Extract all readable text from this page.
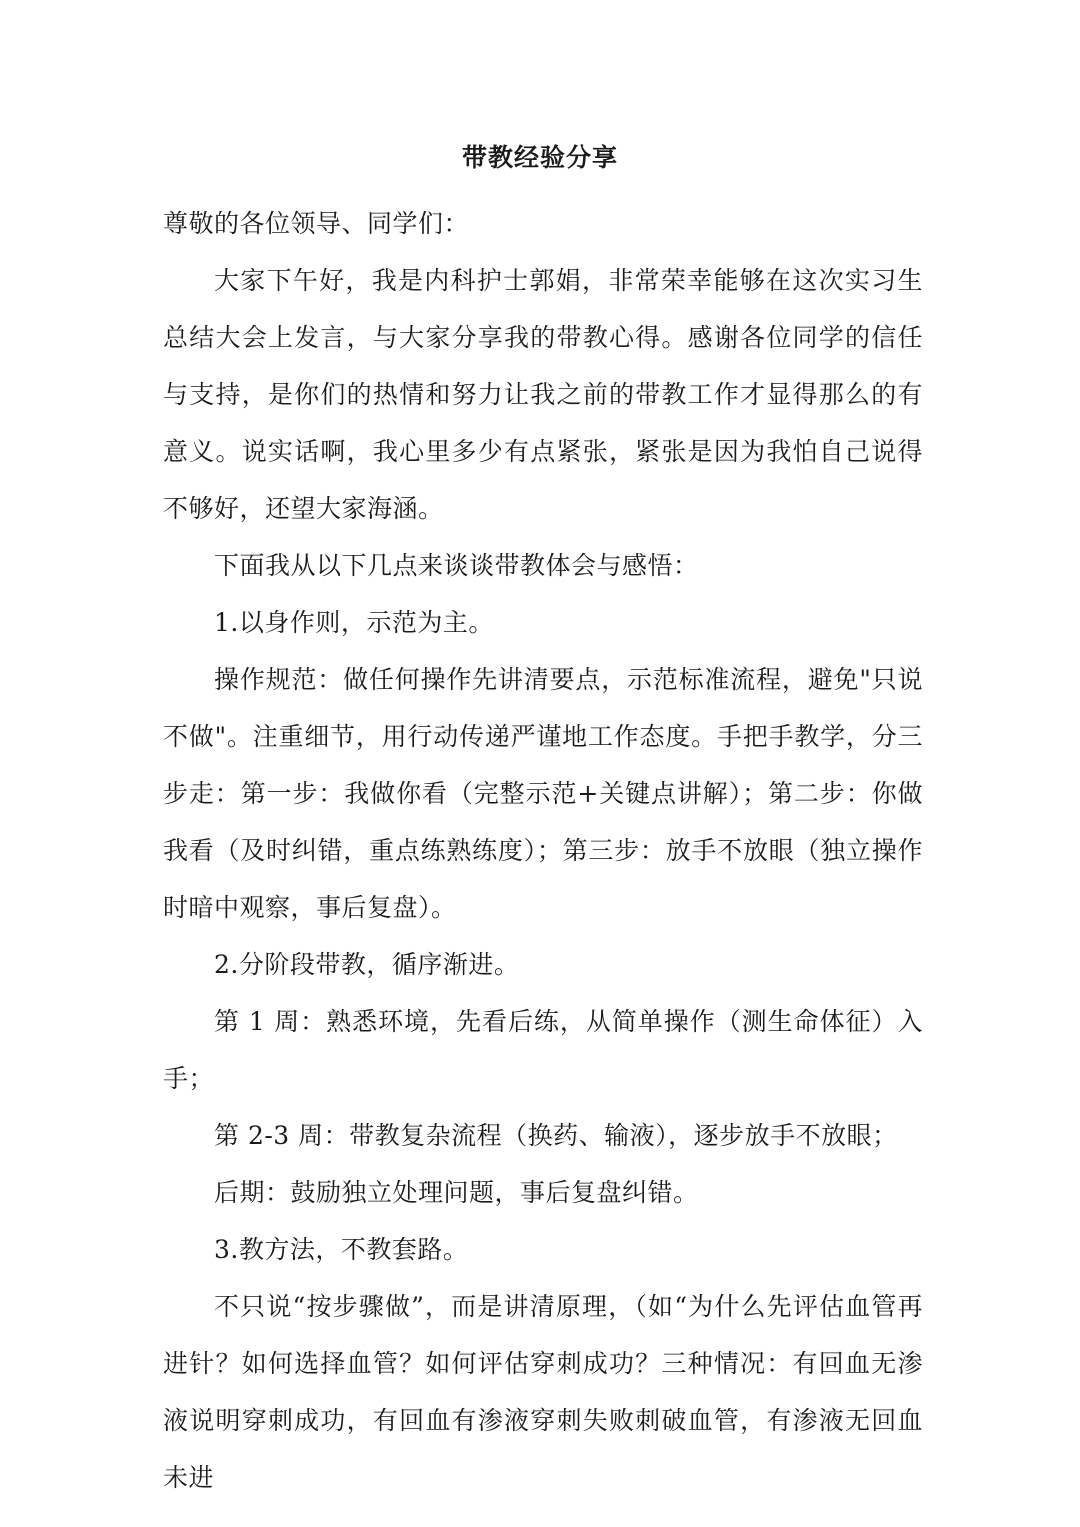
带教经验分享

尊敬的各位领导、同学们：

大家下午好，我是内科护士郭娟，非常荣幸能够在这次实习生总结大会上发言，与大家分享我的带教心得。感谢各位同学的信任与支持，是你们的热情和努力让我之前的带教工作才显得那么的有意义。说实话啊，我心里多少有点紧张，紧张是因为我怕自己说得不够好，还望大家海涵。

下面我从以下几点来谈谈带教体会与感悟：

1.以身作则，示范为主。

操作规范：做任何操作先讲清要点，示范标准流程，避免"只说不做"。注重细节，用行动传递严谨地工作态度。手把手教学，分三步走：第一步：我做你看（完整示范+关键点讲解）；第二步：你做我看（及时纠错，重点练熟练度）；第三步：放手不放眼（独立操作时暗中观察，事后复盘）。

2.分阶段带教，循序渐进。

第 1 周：熟悉环境，先看后练，从简单操作（测生命体征）入手；

第 2-3 周：带教复杂流程（换药、输液），逐步放手不放眼；

后期：鼓励独立处理问题，事后复盘纠错。

3.教方法，不教套路。

不只说“按步骤做”，而是讲清原理，（如“为什么先评估血管再进针？如何选择血管？如何评估穿刺成功？三种情况：有回血无渗液说明穿刺成功，有回血有渗液穿刺失败刺破血管，有渗液无回血未进
